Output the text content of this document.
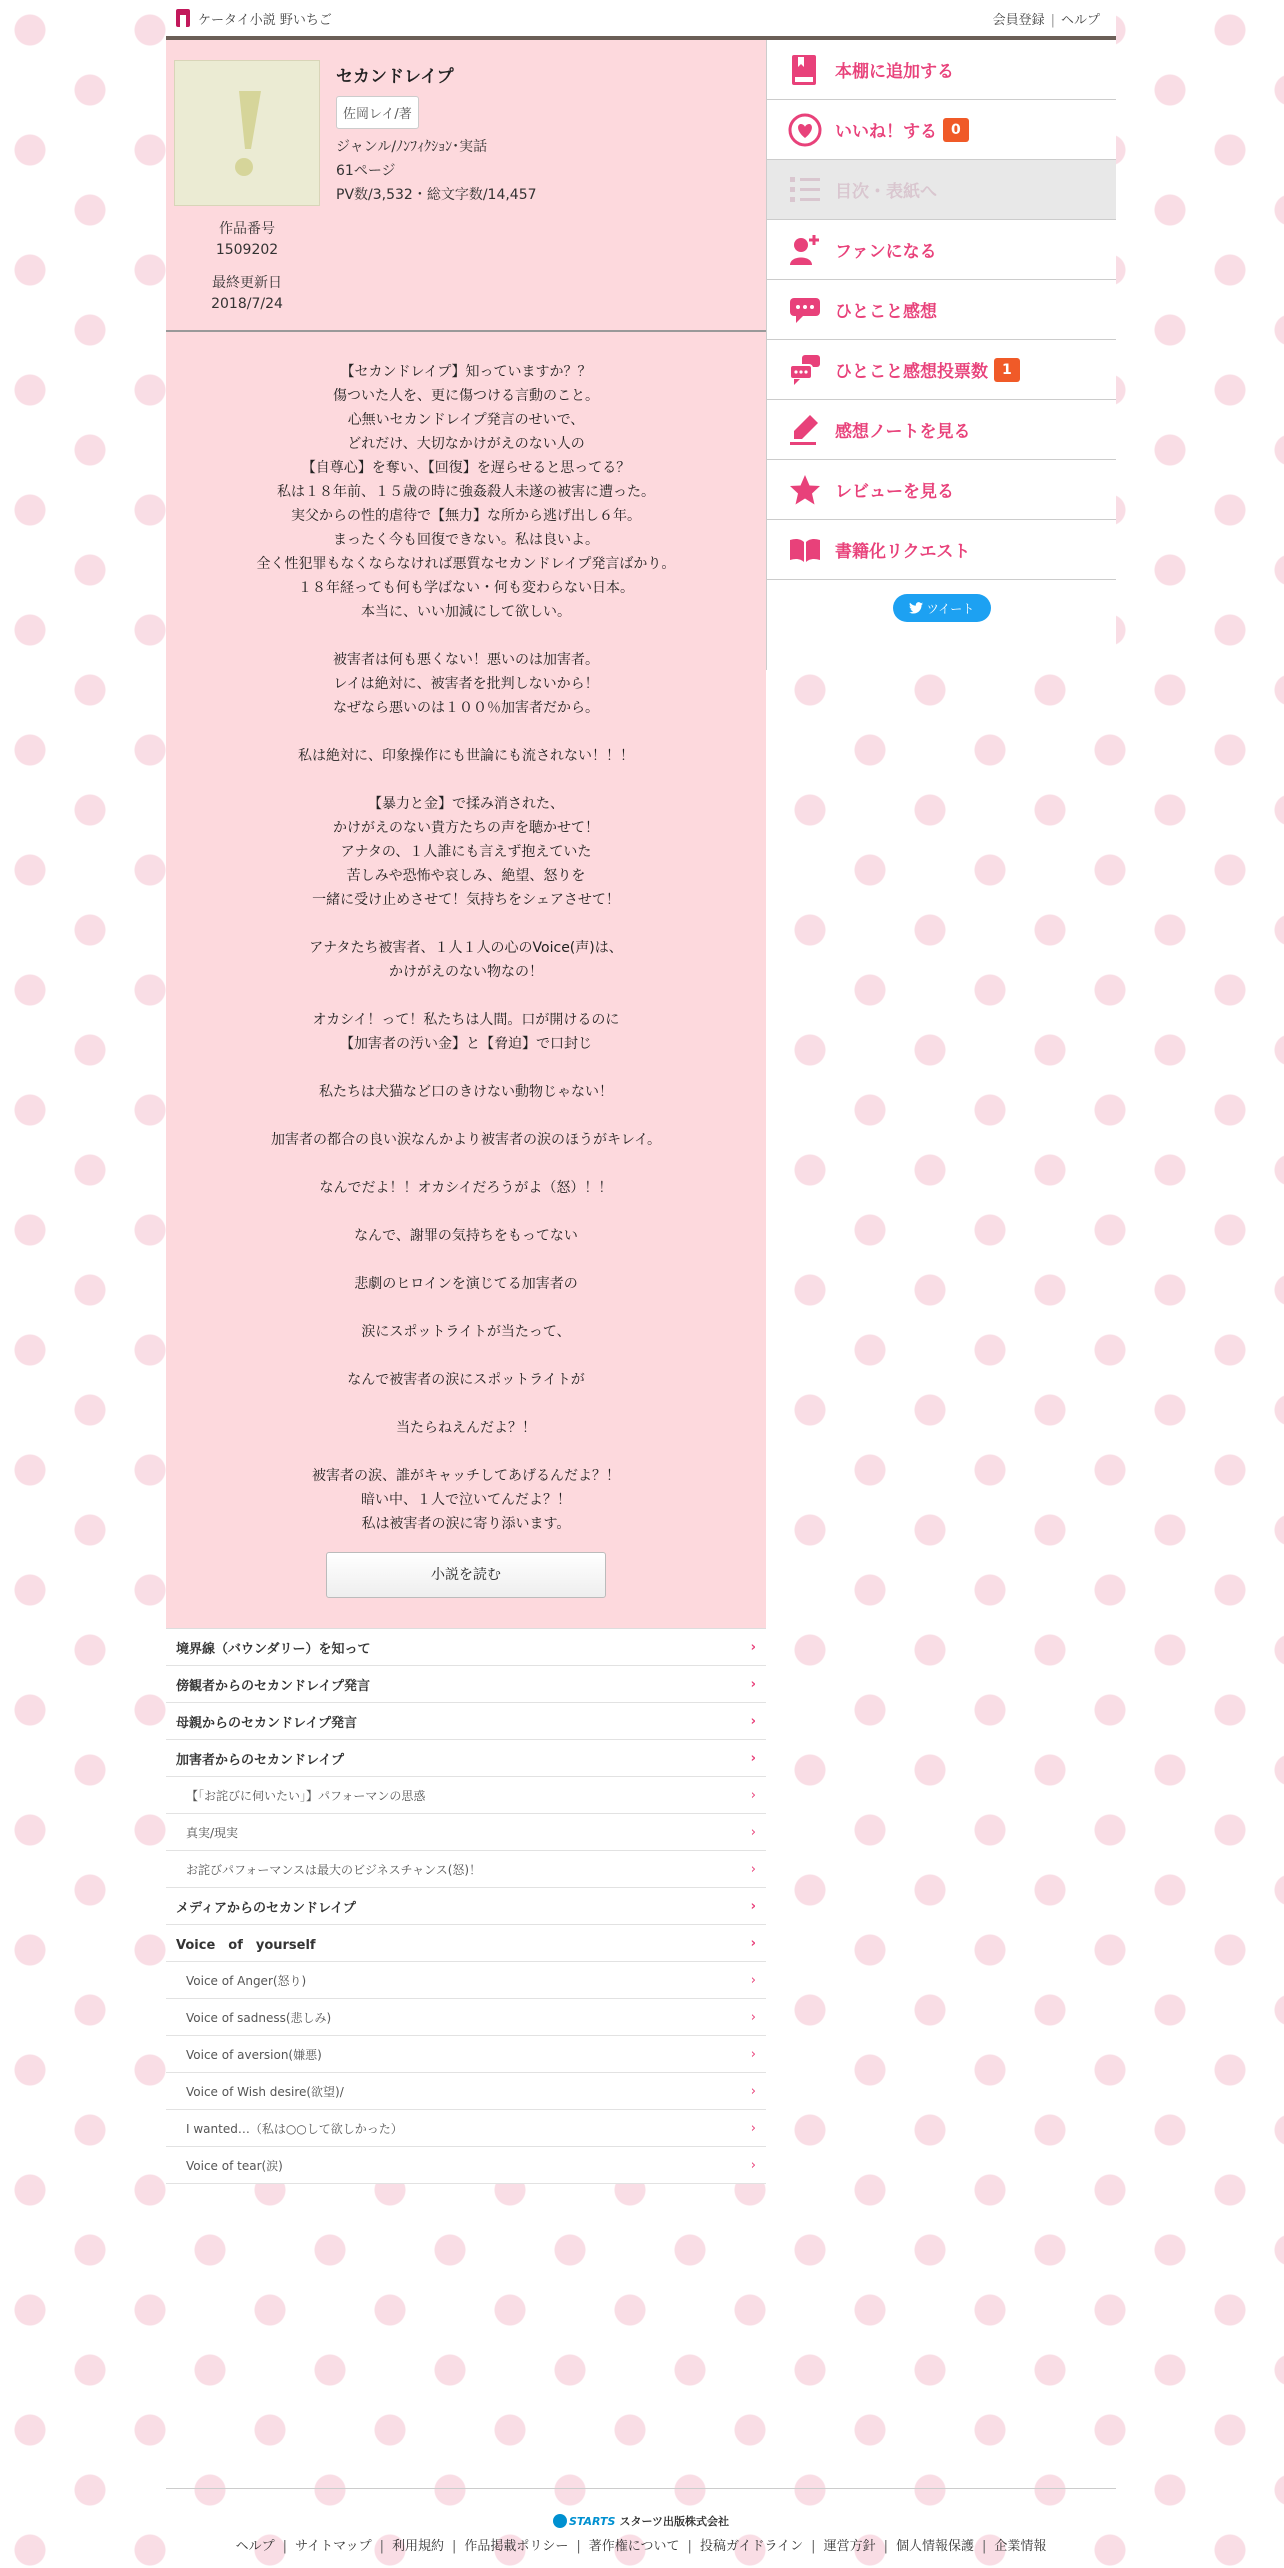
ケータイ小説 野いちご	会員登録 | ヘルプ
作品番号
1509202
最終更新日
2018/7/24
セカンドレイプ
佐岡レイ/著
ジャンル/ﾉﾝﾌｨｸｼｮﾝ･実話
61ページ
PV数/3,532・総文字数/14,457
【セカンドレイプ】知っていますか？？
傷ついた人を、更に傷つける言動のこと。
心無いセカンドレイプ発言のせいで、
どれだけ、大切なかけがえのない人の
【自尊心】を奪い、【回復】を遅らせると思ってる？
私は１８年前、１５歳の時に強姦殺人未遂の被害に遭った。
実父からの性的虐待で【無力】な所から逃げ出し６年。
まったく今も回復できない。私は良いよ。
全く性犯罪もなくならなければ悪質なセカンドレイプ発言ばかり。
１８年経っても何も学ばない・何も変わらない日本。
本当に、いい加減にして欲しい。
被害者は何も悪くない！悪いのは加害者。
レイは絶対に、被害者を批判しないから！
なぜなら悪いのは１００％加害者だから。
私は絶対に、印象操作にも世論にも流されない！！！
【暴力と金】で揉み消された、
かけがえのない貴方たちの声を聴かせて！
アナタの、１人誰にも言えず抱えていた
苦しみや恐怖や哀しみ、絶望、怒りを
一緒に受け止めさせて！気持ちをシェアさせて！
アナタたち被害者、１人１人の心のVoice(声)は、
かけがえのない物なの！
オカシイ！って！私たちは人間。口が開けるのに
【加害者の汚い金】と【脅迫】で口封じ
私たちは犬猫など口のきけない動物じゃない！
加害者の都合の良い涙なんかより被害者の涙のほうがキレイ。
なんでだよ！！オカシイだろうがよ（怒）！！
なんで、謝罪の気持ちをもってない
悲劇のヒロインを演じてる加害者の
涙にスポットライトが当たって、
なんで被害者の涙にスポットライトが
当たらねえんだよ？！
被害者の涙、誰がキャッチしてあげるんだよ？！
暗い中、１人で泣いてんだよ？！
私は被害者の涙に寄り添います。
小説を読む
境界線（バウンダリー）を知って	›
傍観者からのセカンドレイプ発言	›
母親からのセカンドレイプ発言	›
加害者からのセカンドレイプ	›
【「お詫びに伺いたい」】パフォーマンの思惑	›
真実/現実	›
お詫びパフォーマンスは最大のビジネスチャンス(怒)！	›
メディアからのセカンドレイプ	›
Voice　of　yourself	›
Voice of Anger(怒り)	›
Voice of sadness(悲しみ)	›
Voice of aversion(嫌悪)	›
Voice of Wish desire(欲望)/	›
I wanted…（私は○○して欲しかった）	›
Voice of tear(涙)	›
本棚に追加する
いいね！する	0
目次・表紙へ
ファンになる
ひとこと感想
ひとこと感想投票数	1
感想ノートを見る
レビューを見る
書籍化リクエスト
ツイート
STARTS スターツ出版株式会社
ヘルプ | サイトマップ | 利用規約 | 作品掲載ポリシー | 著作権について | 投稿ガイドライン | 運営方針 | 個人情報保護 | 企業情報
